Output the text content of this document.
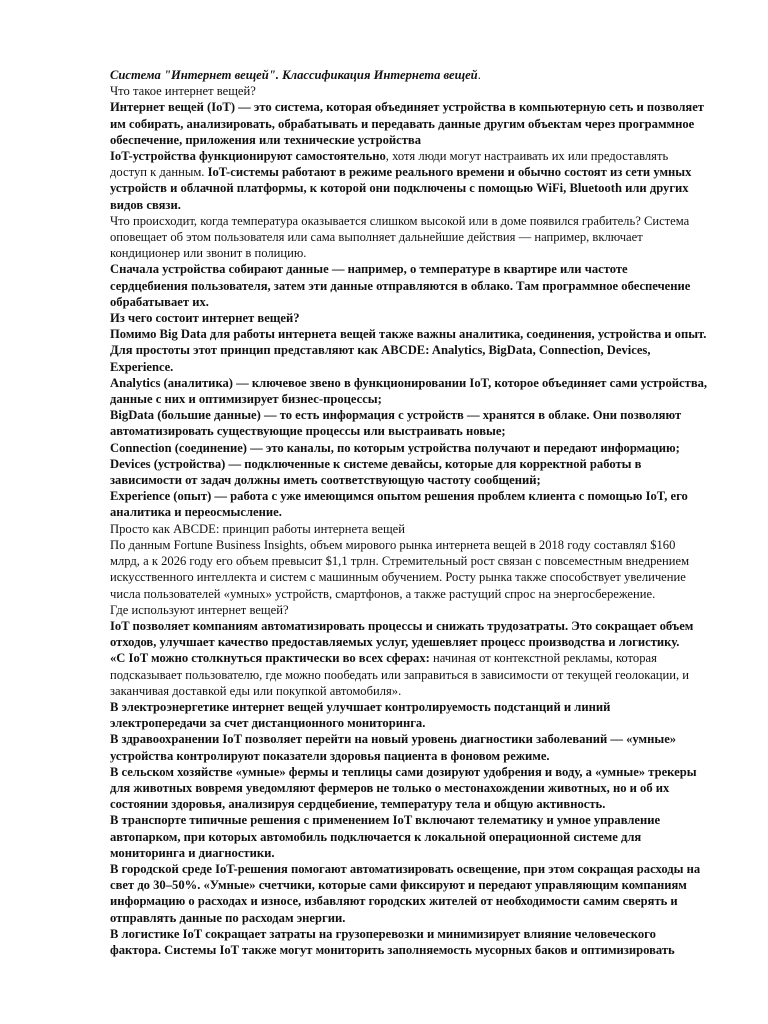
Система "Интернет вещей". Классификация Интернета вещей.

Что такое интернет вещей?

Интернет вещей (IoT) — это система, которая объединяет устройства в компьютерную сеть и позволяет им собирать, анализировать, обрабатывать и передавать данные другим объектам через программное обеспечение, приложения или технические устройства

IoT-устройства функционируют самостоятельно, хотя люди могут настраивать их или предоставлять доступ к данным. IoT-системы работают в режиме реального времени и обычно состоят из сети умных устройств и облачной платформы, к которой они подключены с помощью WiFi, Bluetooth или других видов связи.

Что происходит, когда температура оказывается слишком высокой или в доме появился грабитель? Система оповещает об этом пользователя или сама выполняет дальнейшие действия — например, включает кондиционер или звонит в полицию.

Сначала устройства собирают данные — например, о температуре в квартире или частоте сердцебиения пользователя, затем эти данные отправляются в облако. Там программное обеспечение обрабатывает их.

Из чего состоит интернет вещей?

Помимо Big Data для работы интернета вещей также важны аналитика, соединения, устройства и опыт. Для простоты этот принцип представляют как ABCDE: Analytics, BigData, Connection, Devices, Experience.

Analytics (аналитика) — ключевое звено в функционировании IoT, которое объединяет сами устройства, данные с них и оптимизирует бизнес-процессы;

BigData (большие данные) — то есть информация с устройств — хранятся в облаке. Они позволяют автоматизировать существующие процессы или выстраивать новые;

Connection (соединение) — это каналы, по которым устройства получают и передают информацию;

Devices (устройства) — подключенные к системе девайсы, которые для корректной работы в зависимости от задач должны иметь соответствующую частоту сообщений;

Experience (опыт) — работа с уже имеющимся опытом решения проблем клиента с помощью IoT, его аналитика и переосмысление.

Просто как ABCDE: принцип работы интернета вещей

По данным Fortune Business Insights, объем мирового рынка интернета вещей в 2018 году составлял $160 млрд, а к 2026 году его объем превысит $1,1 трлн. Стремительный рост связан с повсеместным внедрением искусственного интеллекта и систем с машинным обучением. Росту рынка также способствует увеличение числа пользователей «умных» устройств, смартфонов, а также растущий спрос на энергосбережение.

Где используют интернет вещей?

IoT позволяет компаниям автоматизировать процессы и снижать трудозатраты. Это сокращает объем отходов, улучшает качество предоставляемых услуг, удешевляет процесс производства и логистику.

«С IoT можно столкнуться практически во всех сферах: начиная от контекстной рекламы, которая подсказывает пользователю, где можно пообедать или заправиться в зависимости от текущей геолокации, и заканчивая доставкой еды или покупкой автомобиля».

В электроэнергетике интернет вещей улучшает контролируемость подстанций и линий электропередачи за счет дистанционного мониторинга.

В здравоохранении IoT позволяет перейти на новый уровень диагностики заболеваний — «умные» устройства контролируют показатели здоровья пациента в фоновом режиме.

В сельском хозяйстве «умные» фермы и теплицы сами дозируют удобрения и воду, а «умные» трекеры для животных вовремя уведомляют фермеров не только о местонахождении животных, но и об их состоянии здоровья, анализируя сердцебиение, температуру тела и общую активность.

В транспорте типичные решения с применением IoT включают телематику и умное управление автопарком, при которых автомобиль подключается к локальной операционной системе для мониторинга и диагностики.

В городской среде IoT-решения помогают автоматизировать освещение, при этом сокращая расходы на свет до 30–50%. «Умные» счетчики, которые сами фиксируют и передают управляющим компаниям информацию о расходах и износе, избавляют городских жителей от необходимости самим сверять и отправлять данные по расходам энергии.

В логистике IoT сокращает затраты на грузоперевозки и минимизирует влияние человеческого фактора. Системы IoT также могут мониторить заполняемость мусорных баков и оптимизировать
